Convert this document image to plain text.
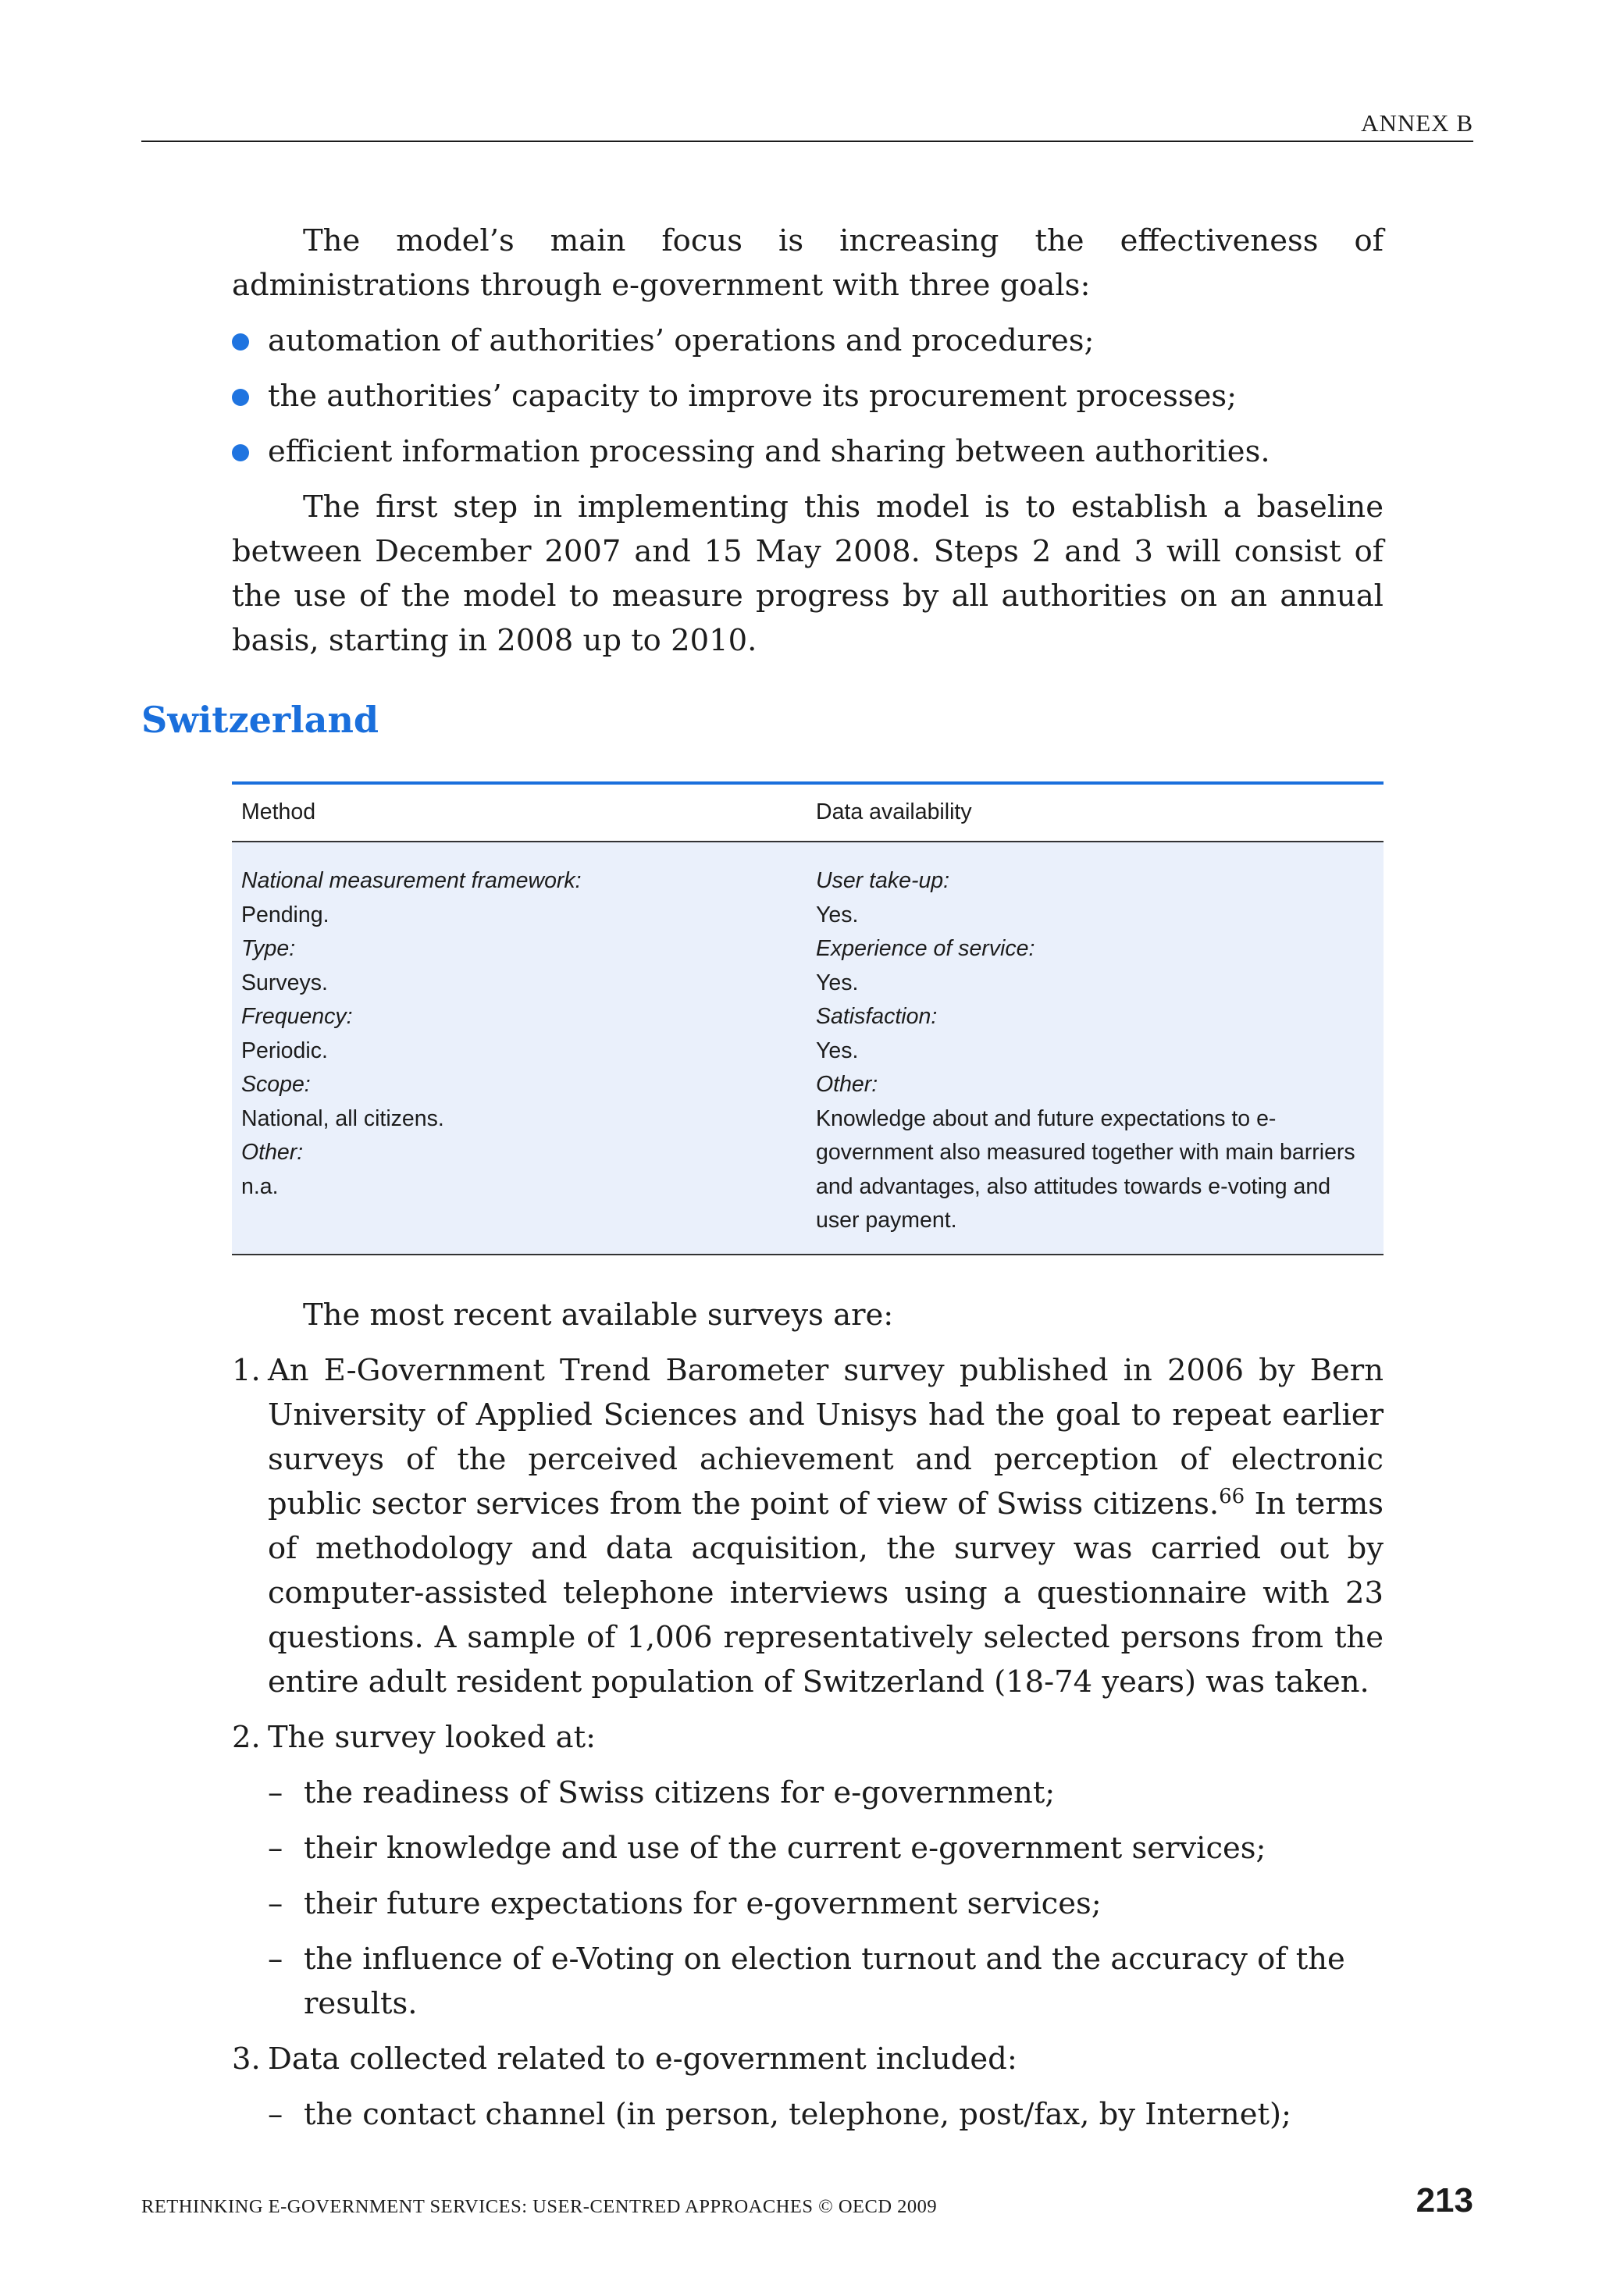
ANNEX B

The model’s main focus is increasing the effectiveness of administrations through e-government with three goals:

automation of authorities’ operations and procedures;
the authorities’ capacity to improve its procurement processes;
efficient information processing and sharing between authorities.

The first step in implementing this model is to establish a baseline between December 2007 and 15 May 2008. Steps 2 and 3 will consist of the use of the model to measure progress by all authorities on an annual basis, starting in 2008 up to 2010.

Switzerland
Method	Data availability
National measurement framework:
Pending.
Type:
Surveys.
Frequency:
Periodic.
Scope:
National, all citizens.
Other:
n.a.
User take-up:
Yes.
Experience of service:
Yes.
Satisfaction:
Yes.
Other:
Knowledge about and future expectations to e-government also measured together with main barriers and advantages, also attitudes towards e-voting and user payment.

The most recent available surveys are:

1. An E-Government Trend Barometer survey published in 2006 by Bern University of Applied Sciences and Unisys had the goal to repeat earlier surveys of the perceived achievement and perception of electronic public sector services from the point of view of Swiss citizens.$^{66}$ In terms of methodology and data acquisition, the survey was carried out by computer-assisted telephone interviews using a questionnaire with 23 questions. A sample of 1,006 representatively selected persons from the entire adult resident population of Switzerland (18-74 years) was taken.
2. The survey looked at:
– the readiness of Swiss citizens for e-government;
– their knowledge and use of the current e-government services;
– their future expectations for e-government services;
– the influence of e-Voting on election turnout and the accuracy of the results.
3. Data collected related to e-government included:
– the contact channel (in person, telephone, post/fax, by Internet);
RETHINKING E-GOVERNMENT SERVICES: USER-CENTRED APPROACHES © OECD 2009	213
